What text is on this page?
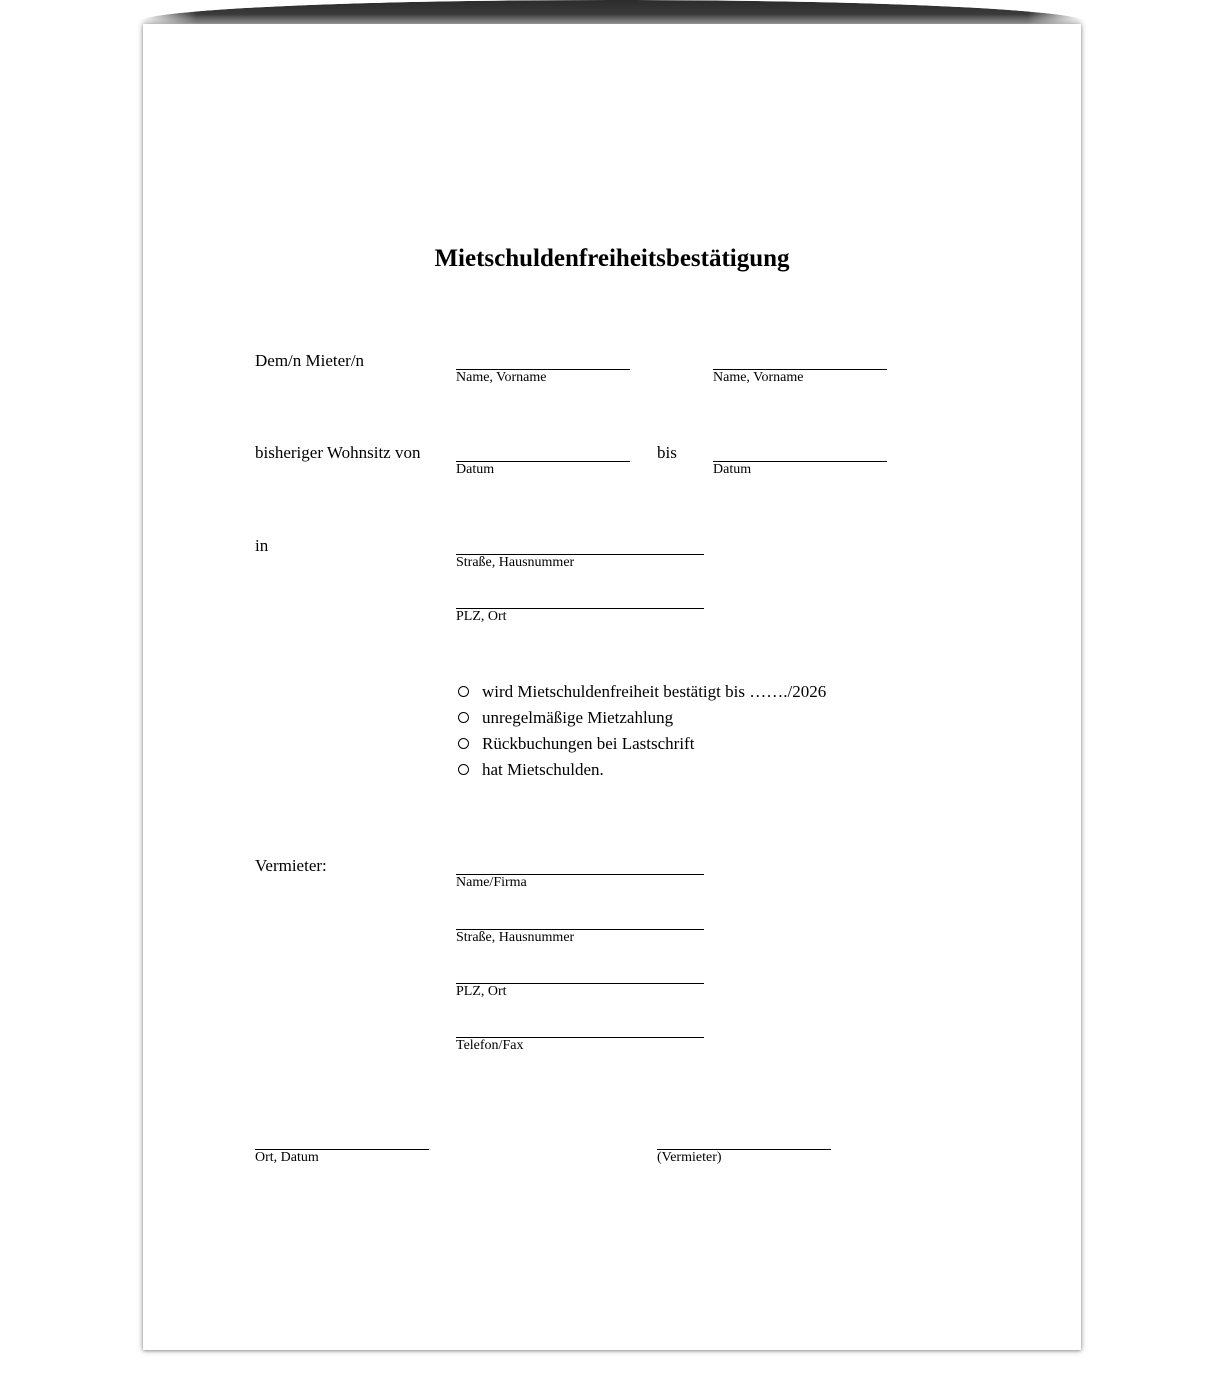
Mietschuldenfreiheitsbestätigung
Dem/n Mieter/n
Name, Vorname	Name, Vorname
bisheriger Wohnsitz von
Datum
bis
Datum
in
Straße, Hausnummer
PLZ, Ort
wird Mietschuldenfreiheit bestätigt bis ……./2026
unregelmäßige Mietzahlung
Rückbuchungen bei Lastschrift
hat Mietschulden.
Vermieter:
Name/Firma
Straße, Hausnummer
PLZ, Ort
Telefon/Fax
Ort, Datum	(Vermieter)
